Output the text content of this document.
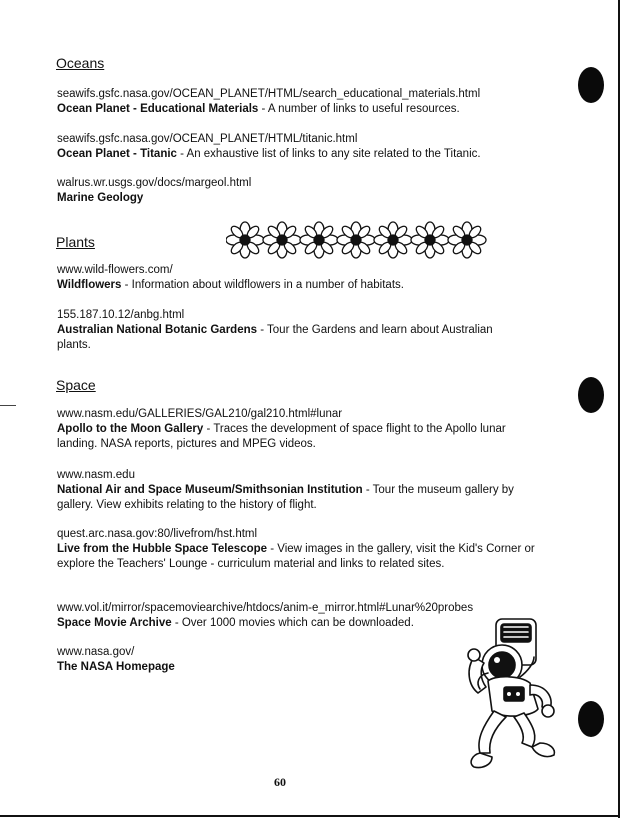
Oceans
seawifs.gsfc.nasa.gov/OCEAN_PLANET/HTML/search_educational_materials.html
Ocean Planet - Educational Materials - A number of links to useful resources.
seawifs.gsfc.nasa.gov/OCEAN_PLANET/HTML/titanic.html
Ocean Planet - Titanic - An exhaustive list of links to any site related to the Titanic.
walrus.wr.usgs.gov/docs/margeol.html
Marine Geology
Plants
www.wild-flowers.com/
Wildflowers - Information about wildflowers in a number of habitats.
155.187.10.12/anbg.html
Australian National Botanic Gardens - Tour the Gardens and learn about Australian plants.
Space
www.nasm.edu/GALLERIES/GAL210/gal210.html#lunar
Apollo to the Moon Gallery - Traces the development of space flight to the Apollo lunar landing. NASA reports, pictures and MPEG videos.
www.nasm.edu
National Air and Space Museum/Smithsonian Institution - Tour the museum gallery by gallery. View exhibits relating to the history of flight.
quest.arc.nasa.gov:80/livefrom/hst.html
Live from the Hubble Space Telescope - View images in the gallery, visit the Kid's Corner or explore the Teachers' Lounge - curriculum material and links to related sites.
www.vol.it/mirror/spacemoviearchive/htdocs/anim-e_mirror.html#Lunar%20probes
Space Movie Archive - Over 1000 movies which can be downloaded.
www.nasa.gov/
The NASA Homepage
60
